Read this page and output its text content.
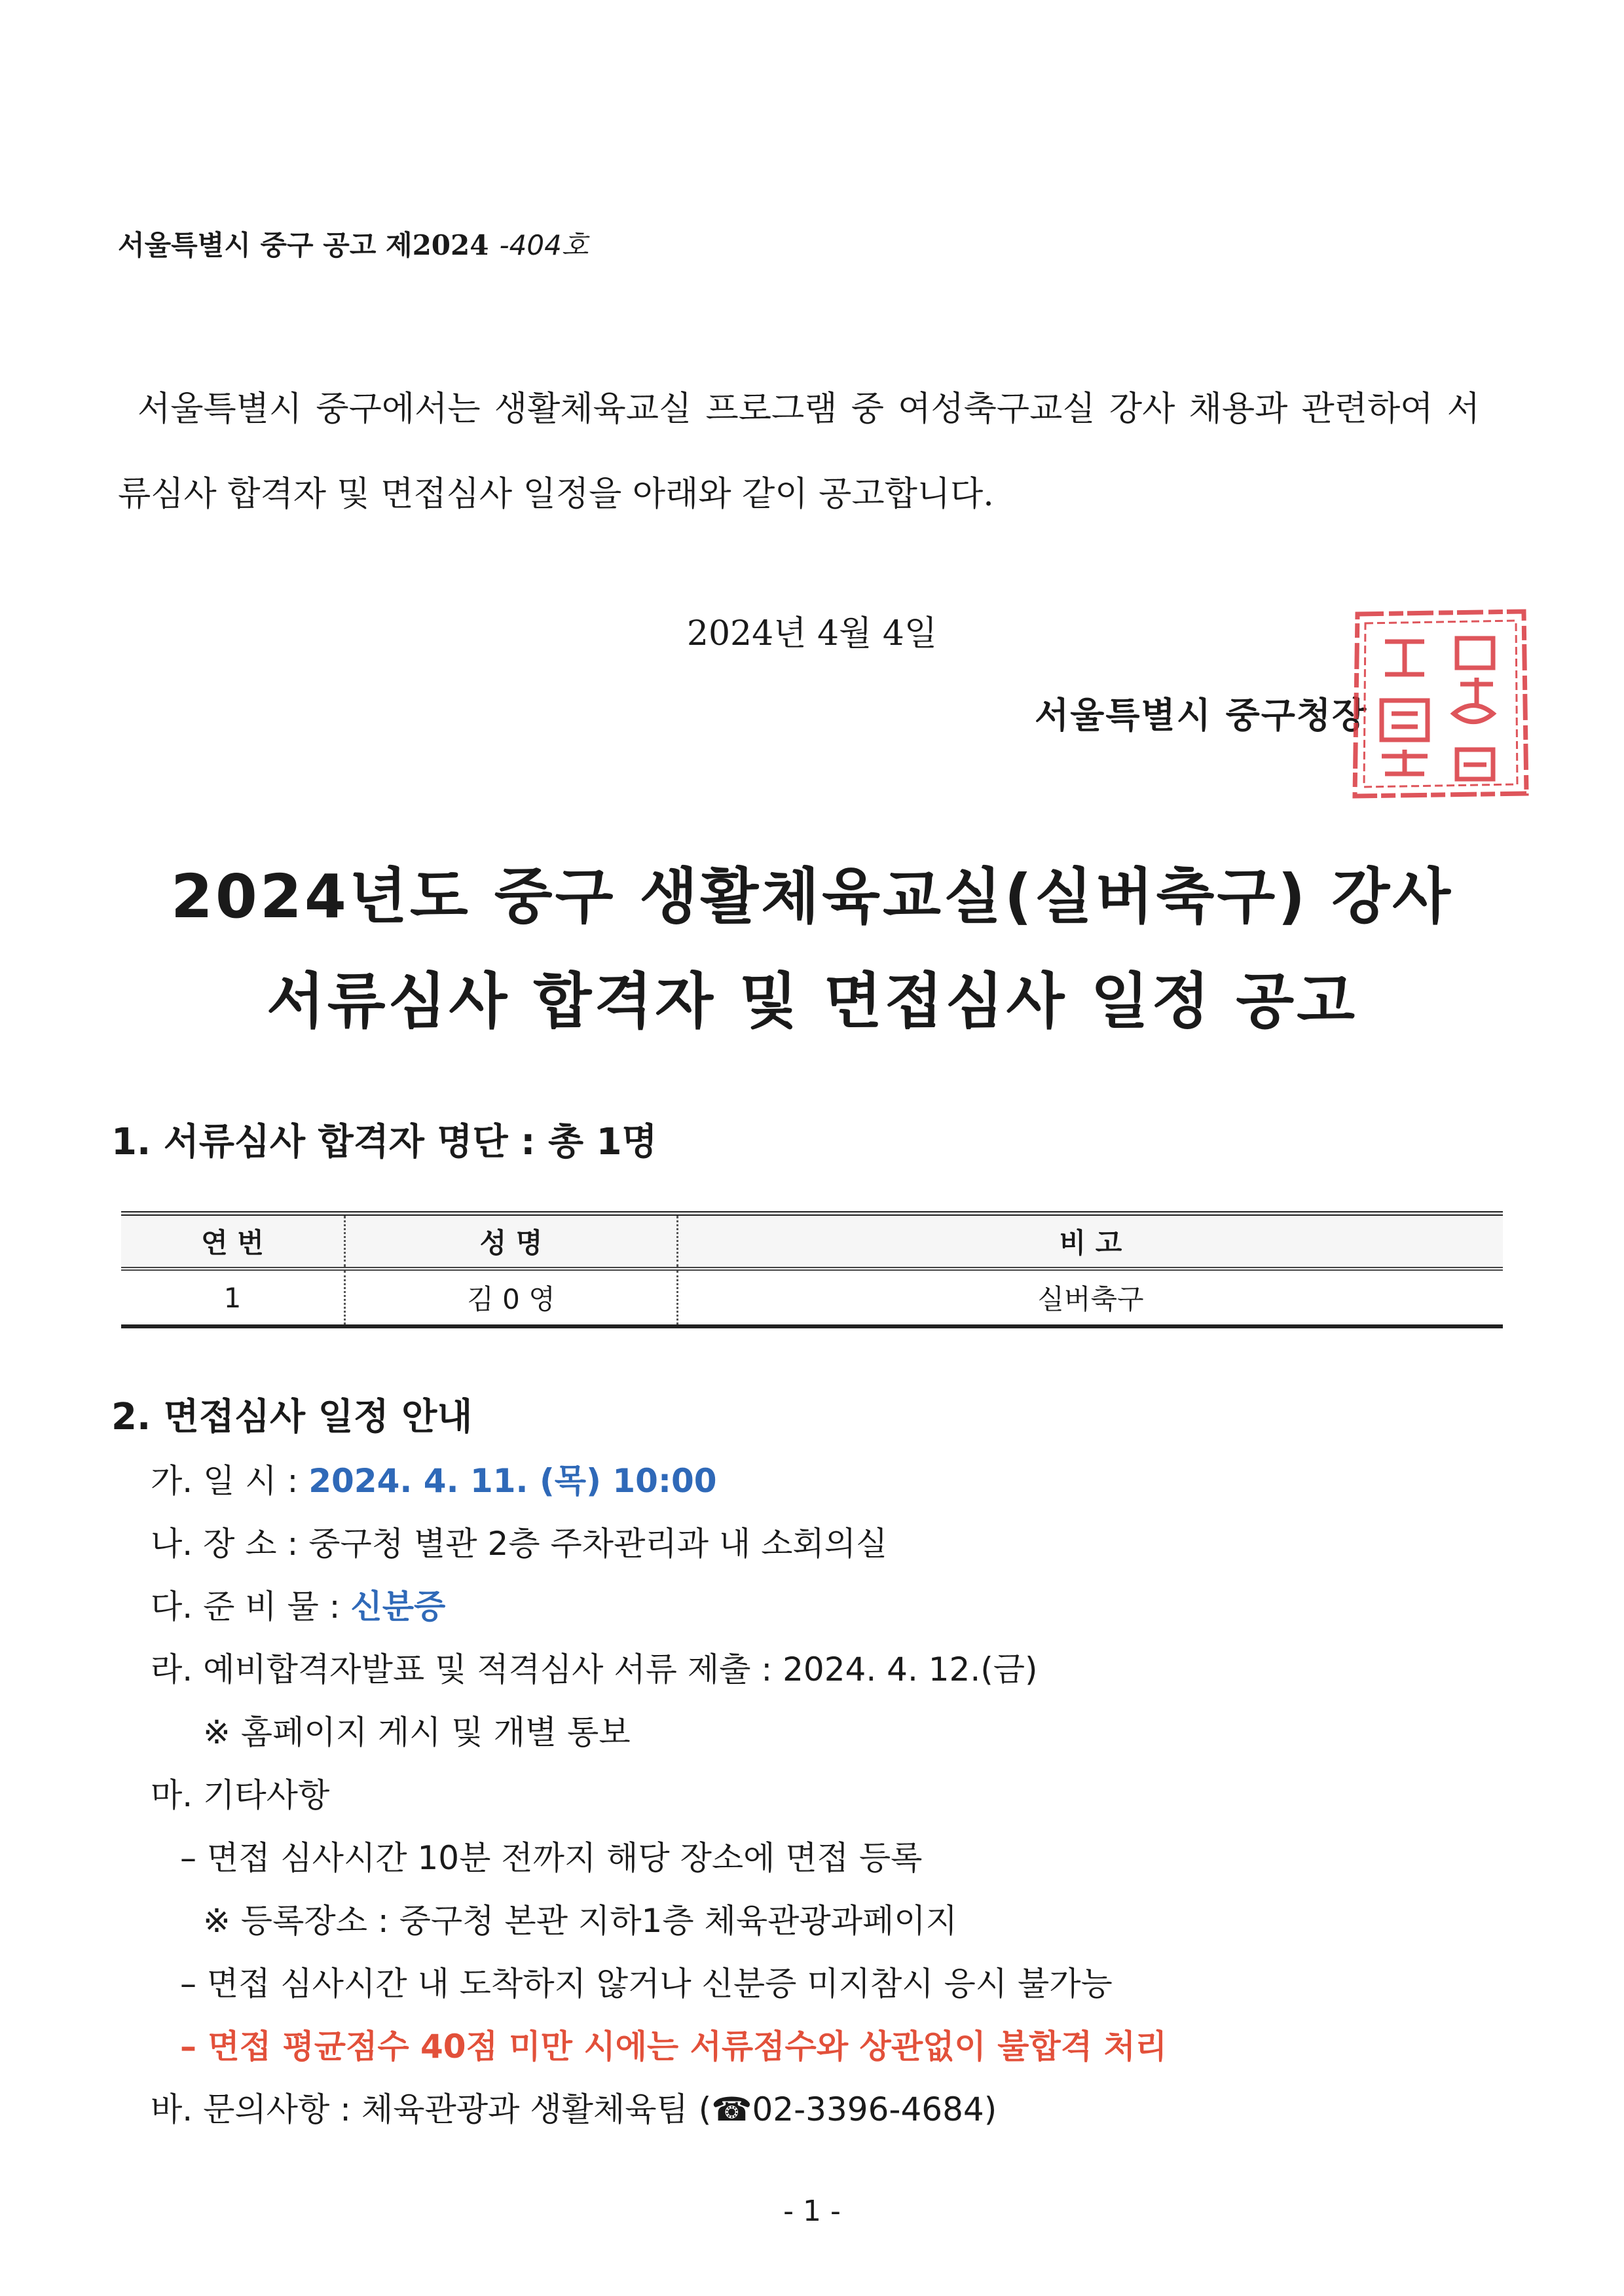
서울특별시 중구 공고 제2024 -404호
서울특별시 중구에서는 생활체육교실 프로그램 중 여성축구교실 강사 채용과 관련하여 서류심사 합격자 및 면접심사 일정을 아래와 같이 공고합니다.
2024년 4월 4일
서울특별시 중구청장
2024년도 중구 생활체육교실(실버축구) 강사
서류심사 합격자 및 면접심사 일정 공고
1. 서류심사 합격자 명단 : 총 1명
연 번	성 명	비 고
1	김 0 영	실버축구
2. 면접심사 일정 안내
가. 일 시 : 2024. 4. 11. (목) 10:00
나. 장 소 : 중구청 별관 2층 주차관리과 내 소회의실
다. 준 비 물 : 신분증
라. 예비합격자발표 및 적격심사 서류 제출 : 2024. 4. 12.(금)
※ 홈페이지 게시 및 개별 통보
마. 기타사항
– 면접 심사시간 10분 전까지 해당 장소에 면접 등록
※ 등록장소 : 중구청 본관 지하1층 체육관광과페이지
– 면접 심사시간 내 도착하지 않거나 신분증 미지참시 응시 불가능
– 면접 평균점수 40점 미만 시에는 서류점수와 상관없이 불합격 처리
바. 문의사항 : 체육관광과 생활체육팀 (☎02-3396-4684)
- 1 -
